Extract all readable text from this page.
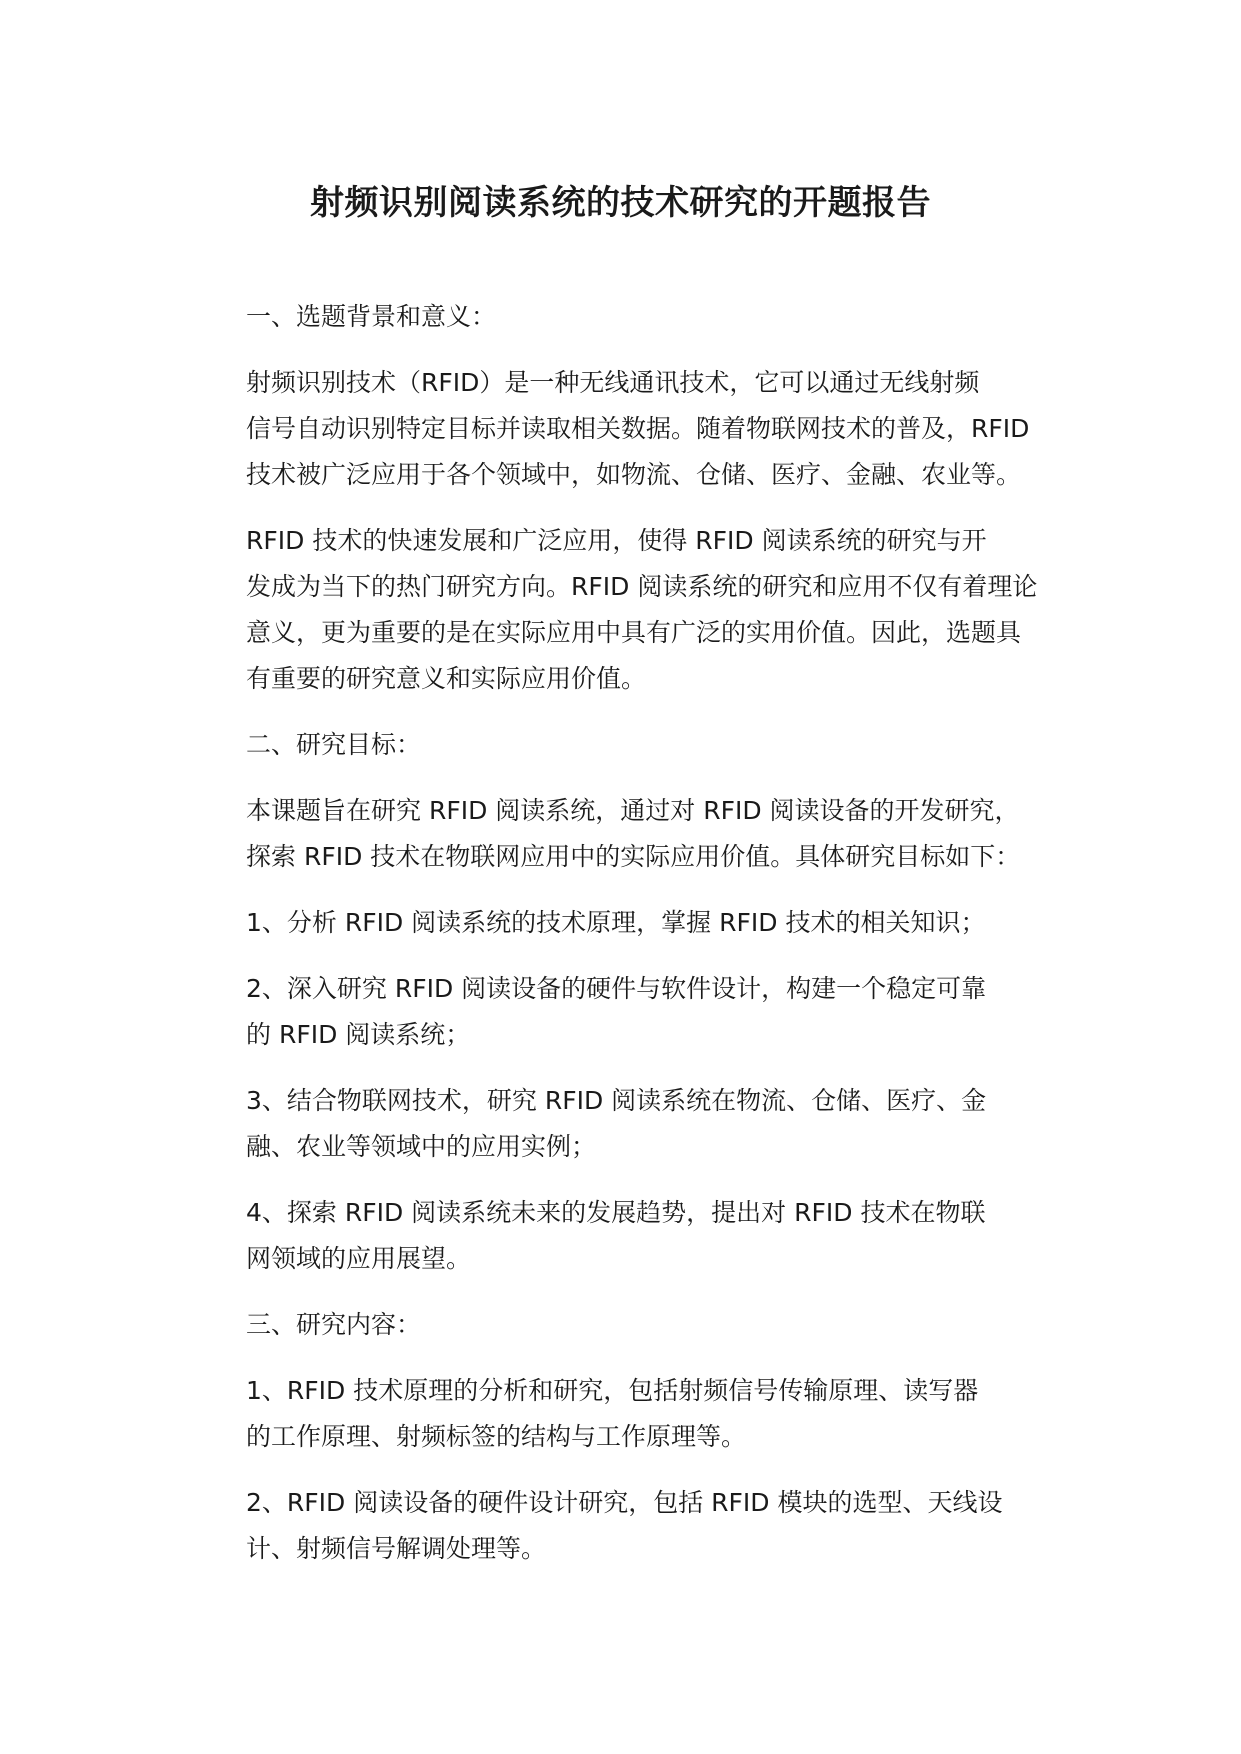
射频识别阅读系统的技术研究的开题报告
一、选题背景和意义：
射频识别技术（RFID）是一种无线通讯技术，它可以通过无线射频
信号自动识别特定目标并读取相关数据。随着物联网技术的普及，RFID
技术被广泛应用于各个领域中，如物流、仓储、医疗、金融、农业等。
RFID 技术的快速发展和广泛应用，使得 RFID 阅读系统的研究与开
发成为当下的热门研究方向。RFID 阅读系统的研究和应用不仅有着理论
意义，更为重要的是在实际应用中具有广泛的实用价值。因此，选题具
有重要的研究意义和实际应用价值。
二、研究目标：
本课题旨在研究 RFID 阅读系统，通过对 RFID 阅读设备的开发研究，
探索 RFID 技术在物联网应用中的实际应用价值。具体研究目标如下：
1、分析 RFID 阅读系统的技术原理，掌握 RFID 技术的相关知识；
2、深入研究 RFID 阅读设备的硬件与软件设计，构建一个稳定可靠
的 RFID 阅读系统；
3、结合物联网技术，研究 RFID 阅读系统在物流、仓储、医疗、金
融、农业等领域中的应用实例；
4、探索 RFID 阅读系统未来的发展趋势，提出对 RFID 技术在物联
网领域的应用展望。
三、研究内容：
1、RFID 技术原理的分析和研究，包括射频信号传输原理、读写器
的工作原理、射频标签的结构与工作原理等。
2、RFID 阅读设备的硬件设计研究，包括 RFID 模块的选型、天线设
计、射频信号解调处理等。
